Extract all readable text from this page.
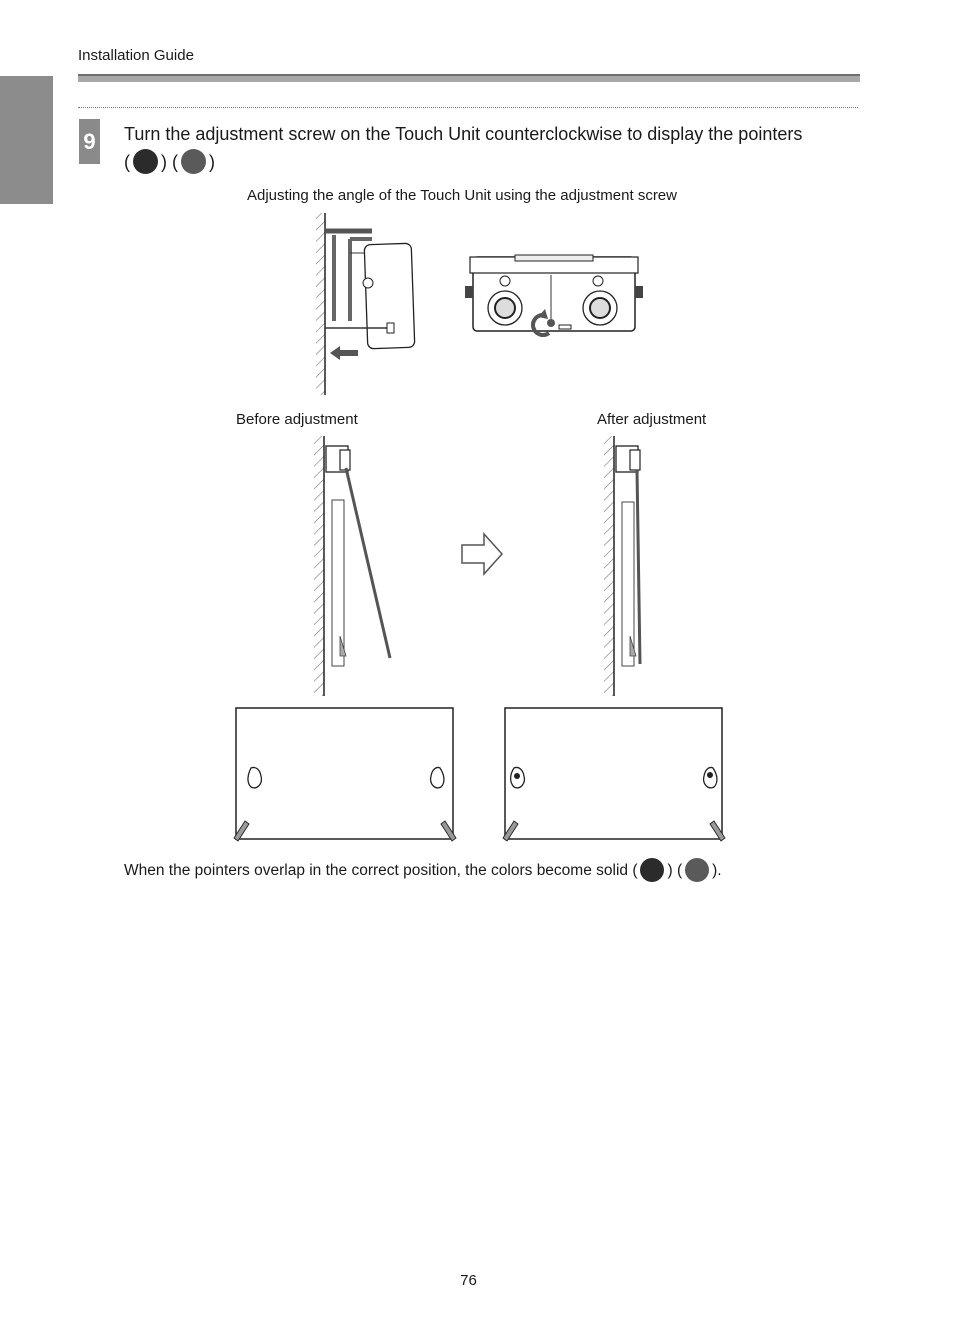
Installation Guide
9 Turn the adjustment screw on the Touch Unit counterclockwise to display the pointers
( ) ( )
Adjusting the angle of the Touch Unit using the adjustment screw
Before adjustment	After adjustment
When the pointers overlap in the correct position, the colors become solid ( ) ( ).
76
